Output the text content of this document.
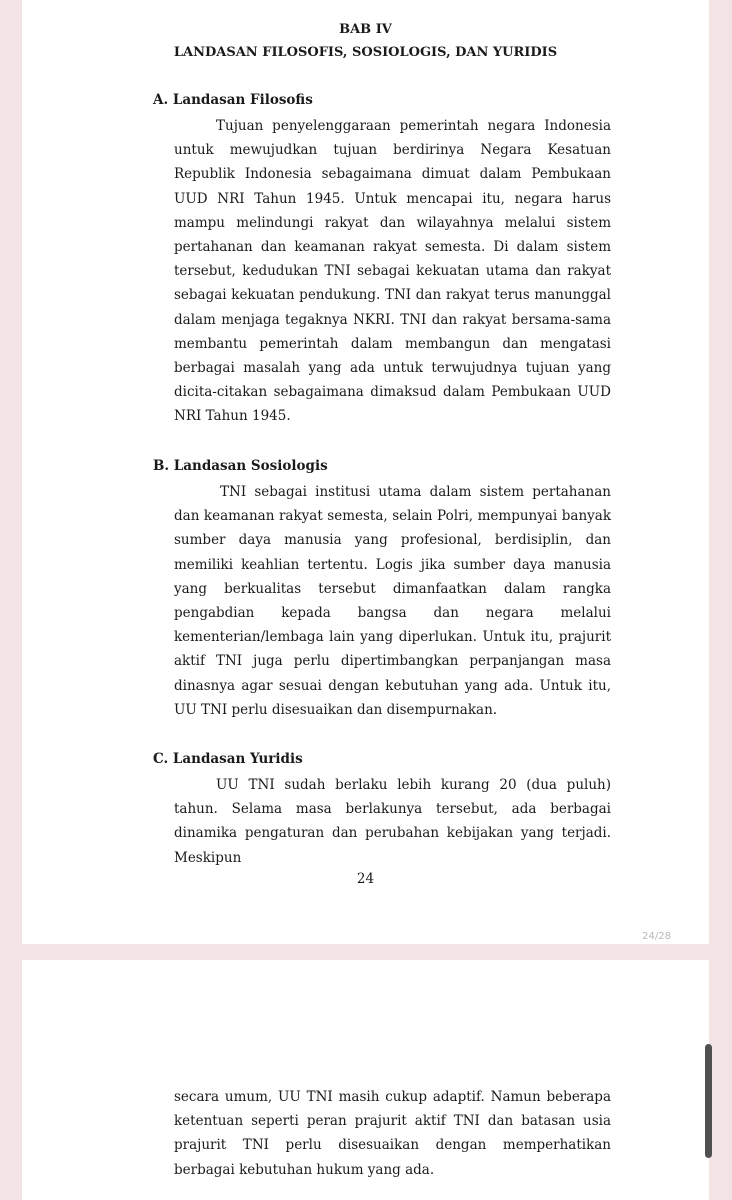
BAB IV
LANDASAN FILOSOFIS, SOSIOLOGIS, DAN YURIDIS
A. Landasan Filosofis

Tujuan penyelenggaraan pemerintah negara Indonesia untuk mewujudkan tujuan berdirinya Negara Kesatuan Republik Indonesia sebagaimana dimuat dalam Pembukaan UUD NRI Tahun 1945. Untuk mencapai itu, negara harus mampu melindungi rakyat dan wilayahnya melalui sistem pertahanan dan keamanan rakyat semesta. Di dalam sistem tersebut, kedudukan TNI sebagai kekuatan utama dan rakyat sebagai kekuatan pendukung. TNI dan rakyat terus manunggal dalam menjaga tegaknya NKRI. TNI dan rakyat bersama-sama membantu pemerintah dalam membangun dan mengatasi berbagai masalah yang ada untuk terwujudnya tujuan yang dicita-citakan sebagaimana dimaksud dalam Pembukaan UUD NRI Tahun 1945.

B. Landasan Sosiologis

TNI sebagai institusi utama dalam sistem pertahanan dan keamanan rakyat semesta, selain Polri, mempunyai banyak sumber daya manusia yang profesional, berdisiplin, dan memiliki keahlian tertentu. Logis jika sumber daya manusia yang berkualitas tersebut dimanfaatkan dalam rangka pengabdian kepada bangsa dan negara melalui kementerian/lembaga lain yang diperlukan. Untuk itu, prajurit aktif TNI juga perlu dipertimbangkan perpanjangan masa dinasnya agar sesuai dengan kebutuhan yang ada. Untuk itu, UU TNI perlu disesuaikan dan disempurnakan.

C. Landasan Yuridis

UU TNI sudah berlaku lebih kurang 20 (dua puluh) tahun. Selama masa berlakunya tersebut, ada berbagai dinamika pengaturan dan perubahan kebijakan yang terjadi. Meskipun

24
24/28

secara umum, UU TNI masih cukup adaptif. Namun beberapa ketentuan seperti peran prajurit aktif TNI dan batasan usia prajurit TNI perlu disesuaikan dengan memperhatikan berbagai kebutuhan hukum yang ada.
